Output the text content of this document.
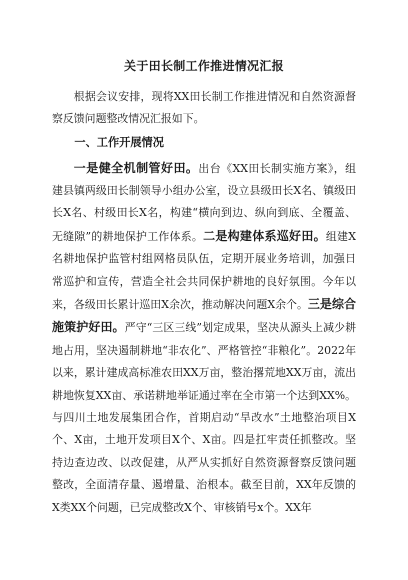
关于田长制工作推进情况汇报

根据会议安排，现将XX田长制工作推进情况和自然资源督察反馈问题整改情况汇报如下。

一、工作开展情况

一是健全机制管好田。出台《XX田长制实施方案》，组建县镇两级田长制领导小组办公室，设立县级田长X名、镇级田长X名、村级田长X名，构建“横向到边、纵向到底、全覆盖、无缝隙”的耕地保护工作体系。二是构建体系巡好田。组建X名耕地保护监管村组网格员队伍，定期开展业务培训，加强日常巡护和宣传，营造全社会共同保护耕地的良好氛围。今年以来，各级田长累计巡田X余次，推动解决问题X余个。三是综合施策护好田。严守“三区三线”划定成果，坚决从源头上减少耕地占用，坚决遏制耕地“非农化”、严格管控“非粮化”。2022年以来，累计建成高标准农田XX万亩，整治撂荒地XX万亩，流出耕地恢复XX亩、承诺耕地举证通过率在全市第一个达到XX%。与四川土地发展集团合作，首期启动“旱改水”土地整治项目X个、X亩，土地开发项目X个、X亩。四是扛牢责任抓整改。坚持边查边改、以改促建，从严从实抓好自然资源督察反馈问题整改，全面清存量、遏增量、治根本。截至目前，XX年反馈的X类XX个问题，已完成整改X个、审核销号x个。XX年
